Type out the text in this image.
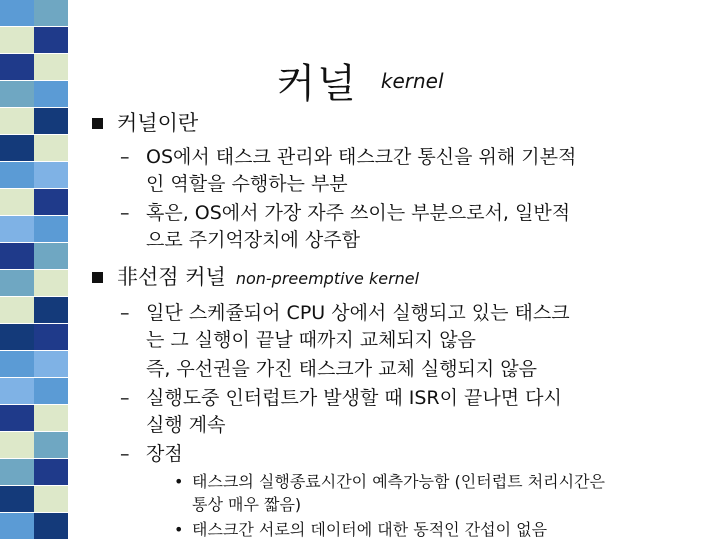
커널 kernel
커널이란
– OS에서 태스크 관리와 태스크간 통신을 위해 기본적
인 역할을 수행하는 부분
– 혹은, OS에서 가장 자주 쓰이는 부분으로서, 일반적
으로 주기억장치에 상주함
非선점 커널 non-preemptive kernel
– 일단 스케쥴되어 CPU 상에서 실행되고 있는 태스크
는 그 실행이 끝날 때까지 교체되지 않음
즉, 우선권을 가진 태스크가 교체 실행되지 않음
– 실행도중 인터럽트가 발생할 때 ISR이 끝나면 다시
실행 계속
– 장점
• 태스크의 실행종료시간이 예측가능함 (인터럽트 처리시간은
통상 매우 짧음)
• 태스크간 서로의 데이터에 대한 동적인 간섭이 없음
